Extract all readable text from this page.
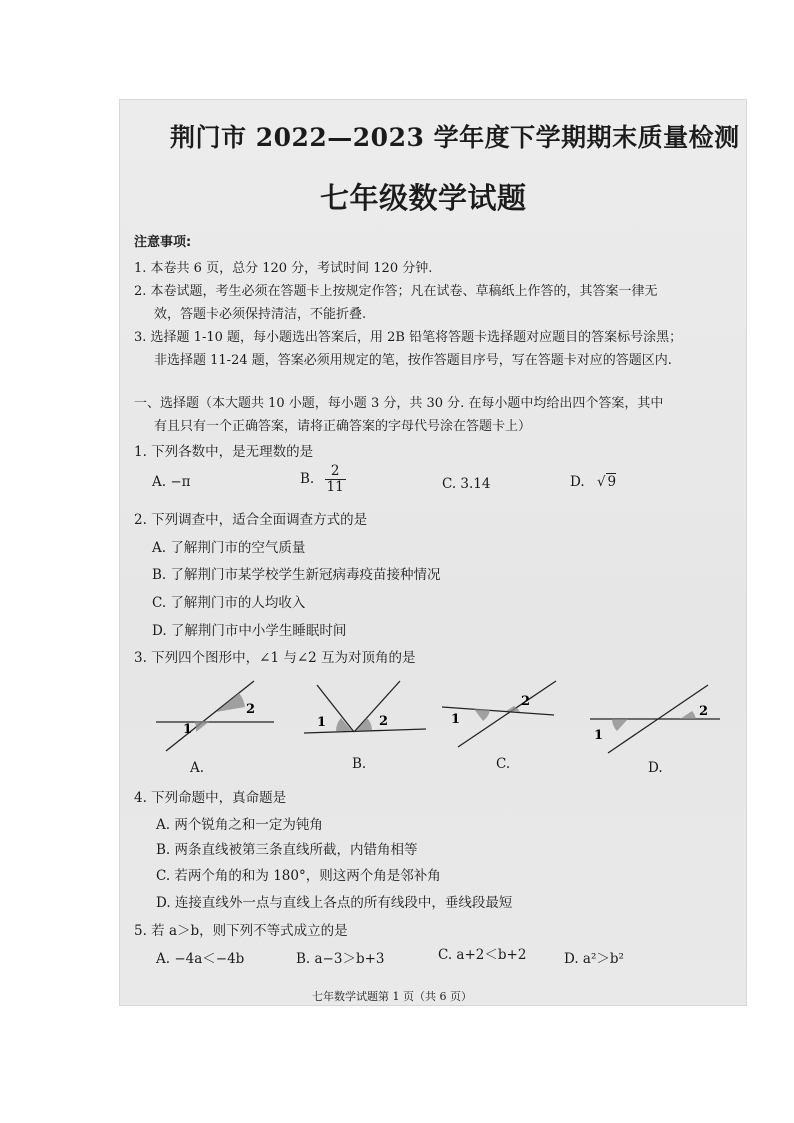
荆门市 2022—2023 学年度下学期期末质量检测
七年级数学试题
注意事项:
1. 本卷共 6 页，总分 120 分，考试时间 120 分钟.
2. 本卷试题，考生必须在答题卡上按规定作答；凡在试卷、草稿纸上作答的，其答案一律无
效，答题卡必须保持清洁，不能折叠.
3. 选择题 1-10 题，每小题选出答案后，用 2B 铅笔将答题卡选择题对应题目的答案标号涂黑；
非选择题 11-24 题，答案必须用规定的笔，按作答题目序号，写在答题卡对应的答题区内.
一、选择题（本大题共 10 小题，每小题 3 分，共 30 分. 在每小题中均给出四个答案，其中
有且只有一个正确答案，请将正确答案的字母代号涂在答题卡上）
1. 下列各数中，是无理数的是
A. −π	B. $\frac{2}{11}$	C. 3.14	D. √ 9
2. 下列调查中，适合全面调查方式的是
A. 了解荆门市的空气质量
B. 了解荆门市某学校学生新冠病毒疫苗接种情况
C. 了解荆门市的人均收入
D. 了解荆门市中小学生睡眠时间
3. 下列四个图形中，∠1 与∠2 互为对顶角的是
2
1
A.
1	2
B.
2
1
C.
2
1
D.
4. 下列命题中，真命题是
A. 两个锐角之和一定为钝角
B. 两条直线被第三条直线所截，内错角相等
C. 若两个角的和为 180°，则这两个角是邻补角
D. 连接直线外一点与直线上各点的所有线段中，垂线段最短
5. 若 a＞b，则下列不等式成立的是
A. −4a＜−4b	B. a−3＞b+3	C. a+2＜b+2	D. a²＞b²
七年数学试题第 1 页（共 6 页）
